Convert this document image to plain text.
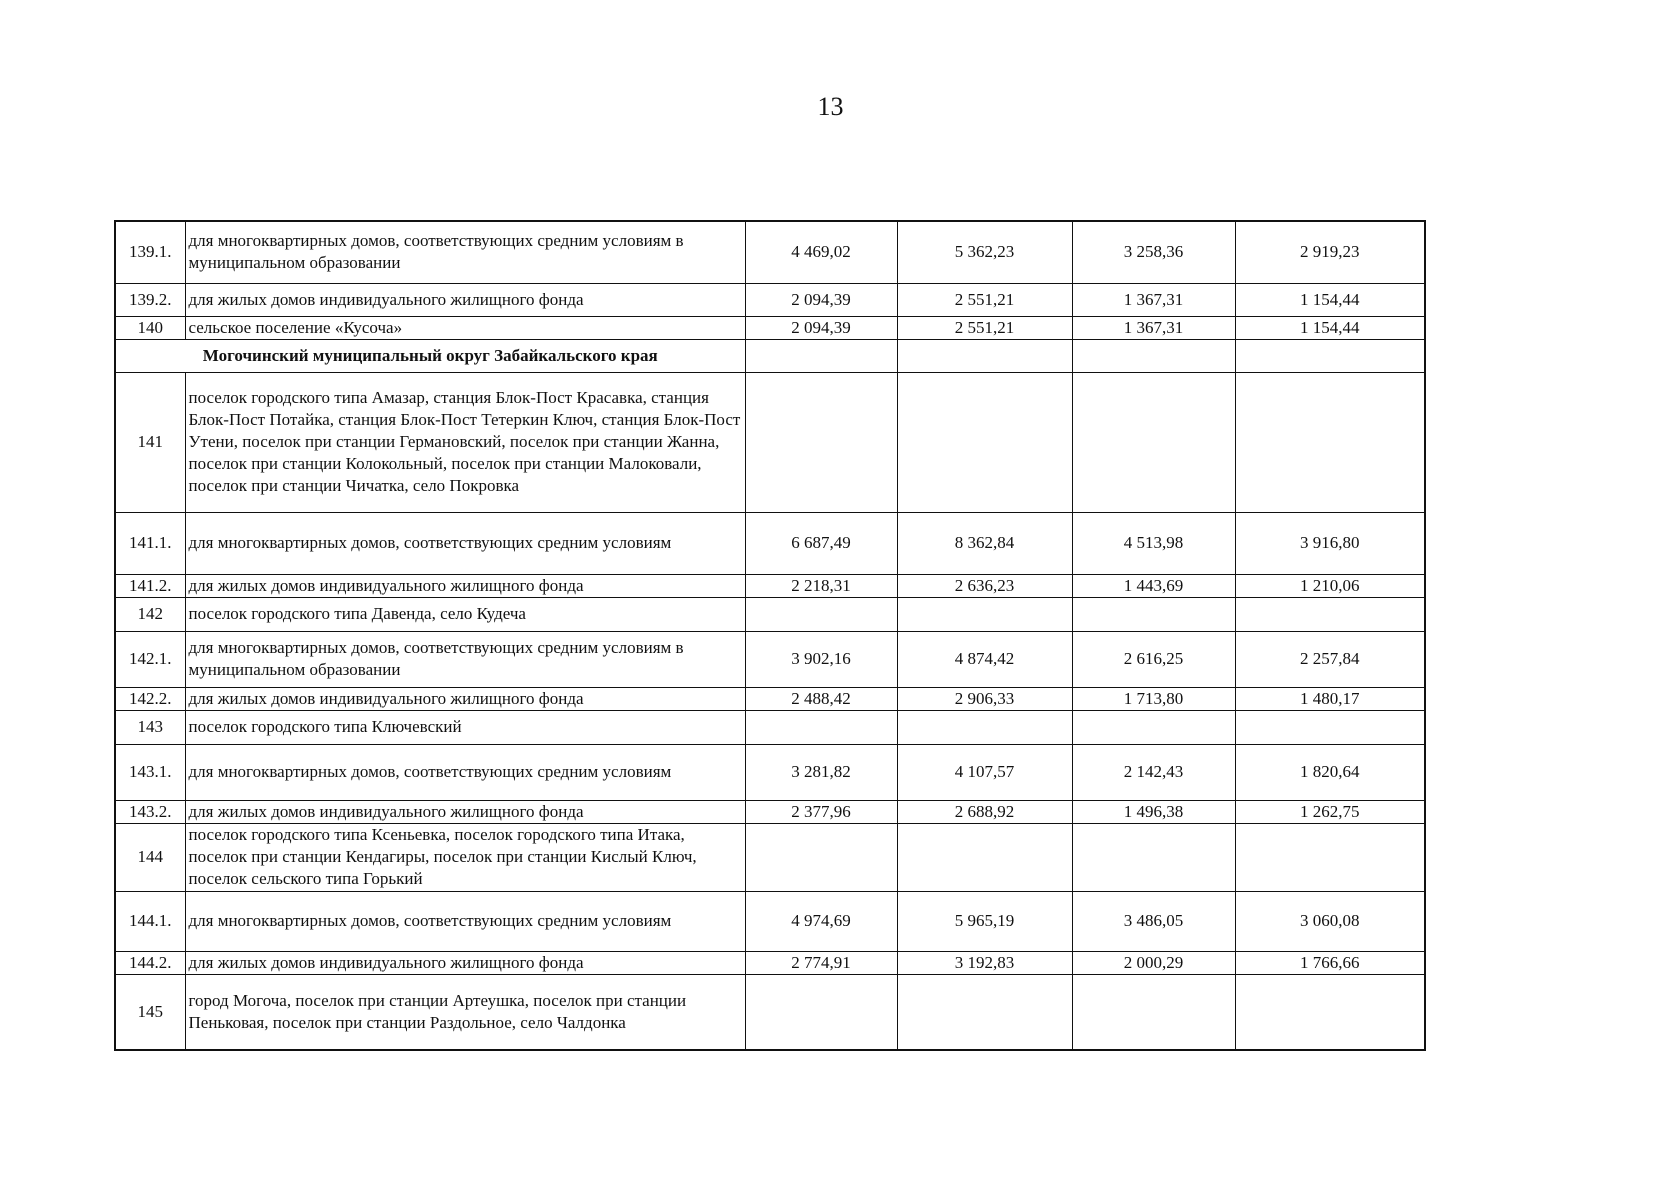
13
139.1.	для многоквартирных домов, соответствующих средним условиям в муниципальном образовании	4 469,02	5 362,23	3 258,36	2 919,23
139.2.	для жилых домов индивидуального жилищного фонда	2 094,39	2 551,21	1 367,31	1 154,44
140	сельское поселение «Кусоча»	2 094,39	2 551,21	1 367,31	1 154,44
Могочинский муниципальный округ Забайкальского края					
141	поселок городского типа Амазар, станция Блок-Пост Красавка, станция Блок-Пост Потайка, станция Блок-Пост Тетеркин Ключ, станция Блок-Пост Утени, поселок при станции Германовский, поселок при станции Жанна, поселок при станции Колокольный, поселок при станции Малоковали, поселок при станции Чичатка, село Покровка				
141.1.	для многоквартирных домов, соответствующих средним условиям	6 687,49	8 362,84	4 513,98	3 916,80
141.2.	для жилых домов индивидуального жилищного фонда	2 218,31	2 636,23	1 443,69	1 210,06
142	поселок городского типа Давенда, село Кудеча				
142.1.	для многоквартирных домов, соответствующих средним условиям в муниципальном образовании	3 902,16	4 874,42	2 616,25	2 257,84
142.2.	для жилых домов индивидуального жилищного фонда	2 488,42	2 906,33	1 713,80	1 480,17
143	поселок городского типа Ключевский				
143.1.	для многоквартирных домов, соответствующих средним условиям	3 281,82	4 107,57	2 142,43	1 820,64
143.2.	для жилых домов индивидуального жилищного фонда	2 377,96	2 688,92	1 496,38	1 262,75
144	поселок городского типа Ксеньевка, поселок городского типа Итака, поселок при станции Кендагиры, поселок при станции Кислый Ключ, поселок сельского типа Горький				
144.1.	для многоквартирных домов, соответствующих средним условиям	4 974,69	5 965,19	3 486,05	3 060,08
144.2.	для жилых домов индивидуального жилищного фонда	2 774,91	3 192,83	2 000,29	1 766,66
145	город Могоча, поселок при станции Артеушка, поселок при станции Пеньковая, поселок при станции Раздольное, село Чалдонка				
